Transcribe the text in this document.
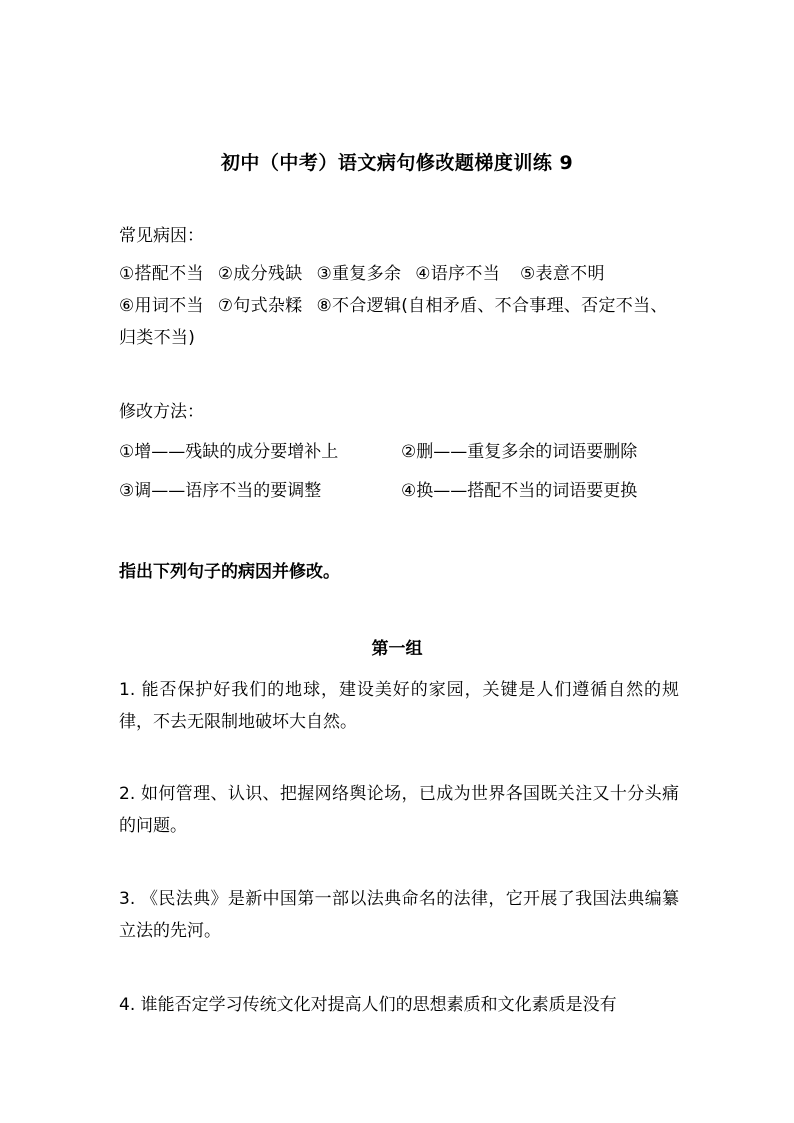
初中（中考）语文病句修改题梯度训练 9
常见病因：
①搭配不当 ②成分残缺 ③重复多余 ④语序不当 ⑤表意不明
⑥用词不当 ⑦句式杂糅 ⑧不合逻辑(自相矛盾、不合事理、否定不当、归类不当)
修改方法：
①增——残缺的成分要增补上	②删——重复多余的词语要删除
③调——语序不当的要调整	④换——搭配不当的词语要更换
指出下列句子的病因并修改。
第一组
1. 能否保护好我们的地球，建设美好的家园，关键是人们遵循自然的规律，不去无限制地破坏大自然。
2. 如何管理、认识、把握网络舆论场，已成为世界各国既关注又十分头痛的问题。
3. 《民法典》是新中国第一部以法典命名的法律，它开展了我国法典编纂立法的先河。
4. 谁能否定学习传统文化对提高人们的思想素质和文化素质是没有
